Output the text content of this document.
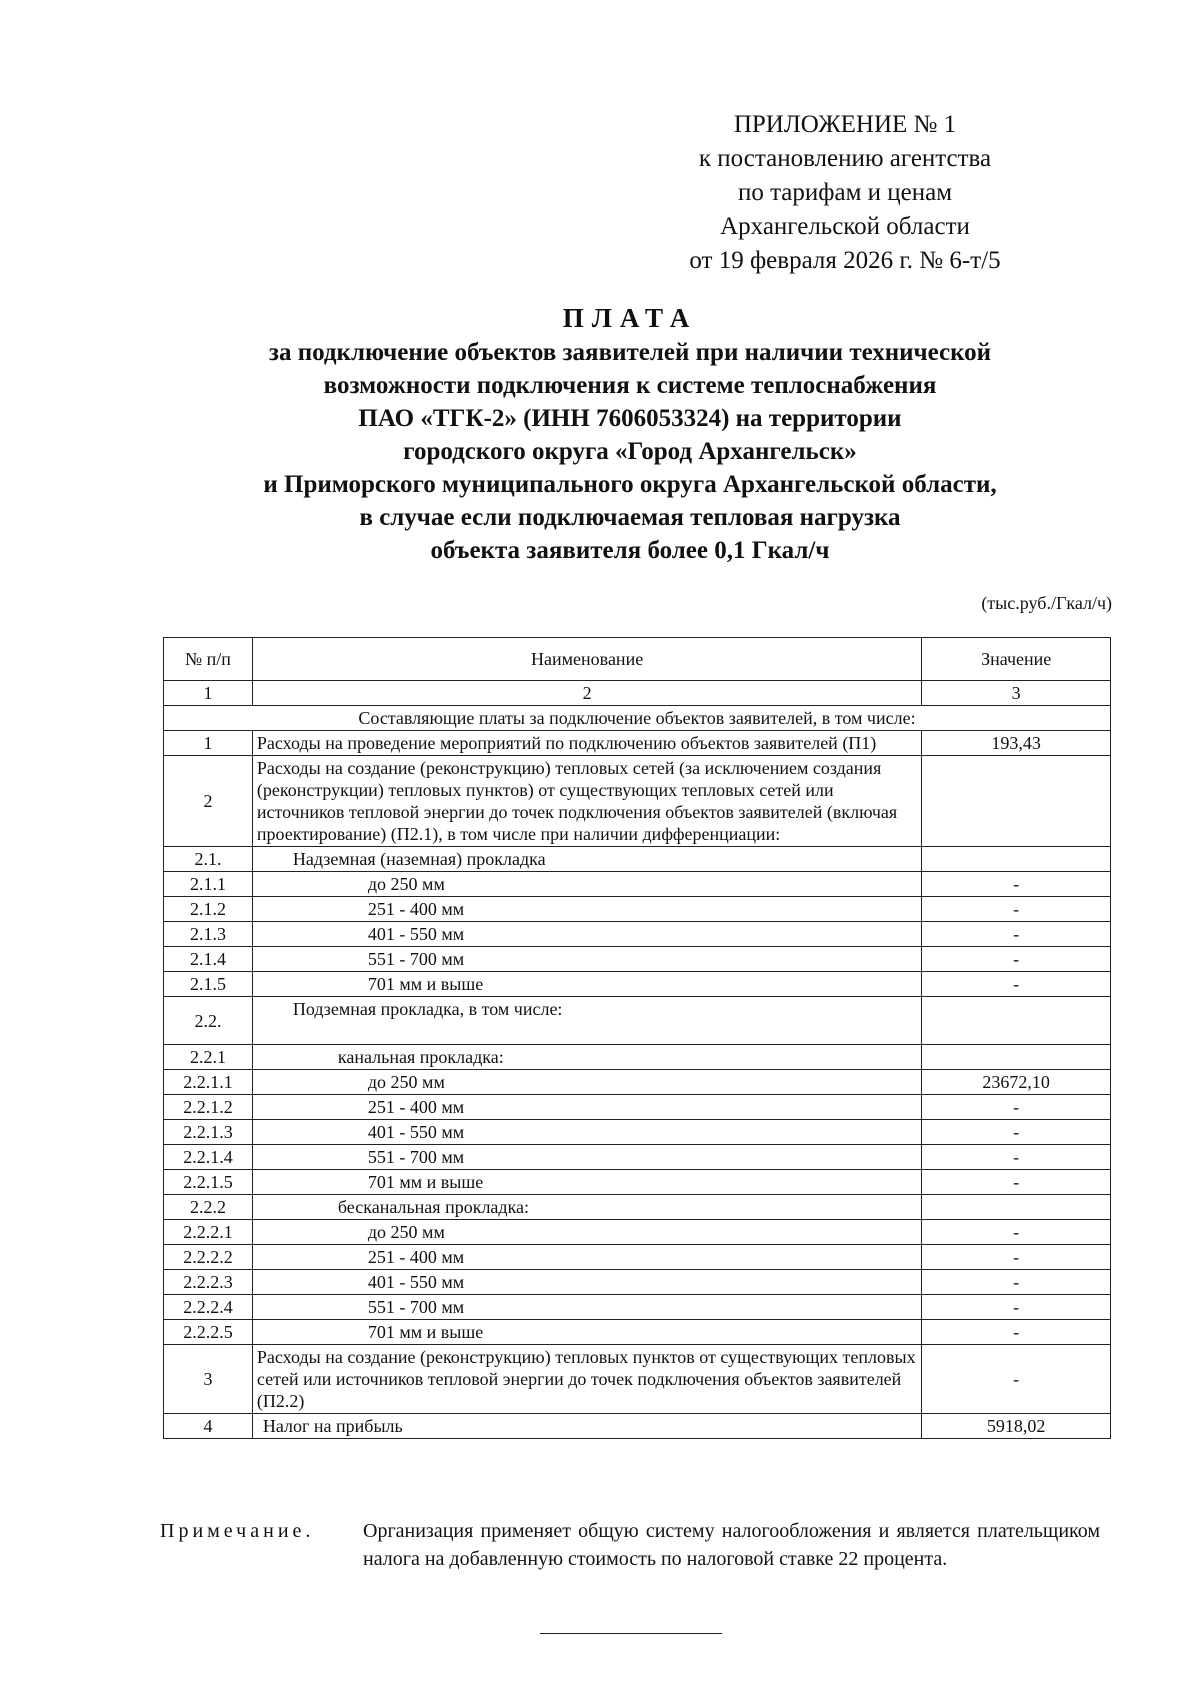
ПРИЛОЖЕНИЕ № 1
к постановлению агентства
по тарифам и ценам
Архангельской области
от 19 февраля 2026 г. № 6-т/5
ПЛАТА
за подключение объектов заявителей при наличии технической
возможности подключения к системе теплоснабжения
ПАО «ТГК-2» (ИНН 7606053324) на территории
городского округа «Город Архангельск»
и Приморского муниципального округа Архангельской области,
в случае если подключаемая тепловая нагрузка
объекта заявителя более 0,1 Гкал/ч
(тыс.руб./Гкал/ч)
№ п/п	Наименование	Значение
1	2	3
Составляющие платы за подключение объектов заявителей, в том числе:		
1	Расходы на проведение мероприятий по подключению объектов заявителей (П1)	193,43
2	Расходы на создание (реконструкцию) тепловых сетей (за исключением создания (реконструкции) тепловых пунктов) от существующих тепловых сетей или источников тепловой энергии до точек подключения объектов заявителей (включая проектирование) (П2.1), в том числе при наличии дифференциации:	
2.1.	Надземная (наземная) прокладка	
2.1.1	до 250 мм	-
2.1.2	251 - 400 мм	-
2.1.3	401 - 550 мм	-
2.1.4	551 - 700 мм	-
2.1.5	701 мм и выше	-
2.2.	Подземная прокладка, в том числе:	
2.2.1	канальная прокладка:	
2.2.1.1	до 250 мм	23672,10
2.2.1.2	251 - 400 мм	-
2.2.1.3	401 - 550 мм	-
2.2.1.4	551 - 700 мм	-
2.2.1.5	701 мм и выше	-
2.2.2	бесканальная прокладка:	
2.2.2.1	до 250 мм	-
2.2.2.2	251 - 400 мм	-
2.2.2.3	401 - 550 мм	-
2.2.2.4	551 - 700 мм	-
2.2.2.5	701 мм и выше	-
3	Расходы на создание (реконструкцию) тепловых пунктов от существующих тепловых сетей или источников тепловой энергии до точек подключения объектов заявителей (П2.2)	-
4	Налог на прибыль	5918,02
Примечание. Организация применяет общую систему налогообложения и является плательщиком налога на добавленную стоимость по налоговой ставке 22 процента.
